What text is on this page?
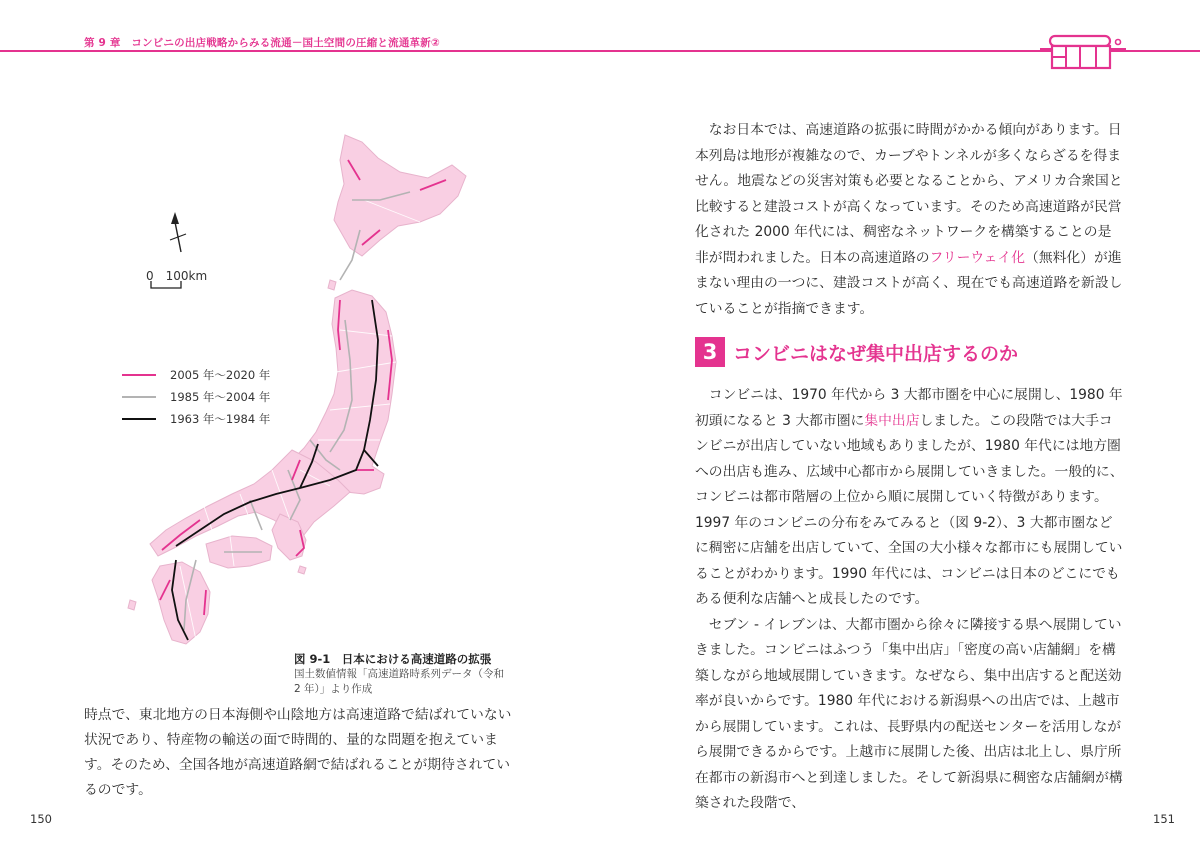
第 9 章　コンビニの出店戦略からみる流通－国土空間の圧縮と流通革新②
0　100km
2005 年～2020 年
1985 年～2004 年
1963 年～1984 年
図 9-1　日本における高速道路の拡張
国土数値情報「高速道路時系列データ（令和 2 年）」より作成
時点で、東北地方の日本海側や山陰地方は高速道路で結ばれていない状況であり、特産物の輸送の面で時間的、量的な問題を抱えています。そのため、全国各地が高速道路網で結ばれることが期待されているのです。
150
なお日本では、高速道路の拡張に時間がかかる傾向があります。日本列島は地形が複雑なので、カーブやトンネルが多くならざるを得ません。地震などの災害対策も必要となることから、アメリカ合衆国と比較すると建設コストが高くなっています。そのため高速道路が民営化された 2000 年代には、稠密なネットワークを構築することの是非が問われました。日本の高速道路のフリーウェイ化（無料化）が進まない理由の一つに、建設コストが高く、現在でも高速道路を新設していることが指摘できます。
3 コンビニはなぜ集中出店するのか
コンビニは、1970 年代から 3 大都市圏を中心に展開し、1980 年初頭になると 3 大都市圏に集中出店しました。この段階では大手コンビニが出店していない地域もありましたが、1980 年代には地方圏への出店も進み、広域中心都市から展開していきました。一般的に、コンビニは都市階層の上位から順に展開していく特徴があります。1997 年のコンビニの分布をみてみると（図 9-2）、3 大都市圏などに稠密に店舗を出店していて、全国の大小様々な都市にも展開していることがわかります。1990 年代には、コンビニは日本のどこにでもある便利な店舗へと成長したのです。
セブン - イレブンは、大都市圏から徐々に隣接する県へ展開していきました。コンビニはふつう「集中出店」「密度の高い店舗網」を構築しながら地域展開していきます。なぜなら、集中出店すると配送効率が良いからです。1980 年代における新潟県への出店では、上越市から展開しています。これは、長野県内の配送センターを活用しながら展開できるからです。上越市に展開した後、出店は北上し、県庁所在都市の新潟市へと到達しました。そして新潟県に稠密な店舗網が構築された段階で、
151
